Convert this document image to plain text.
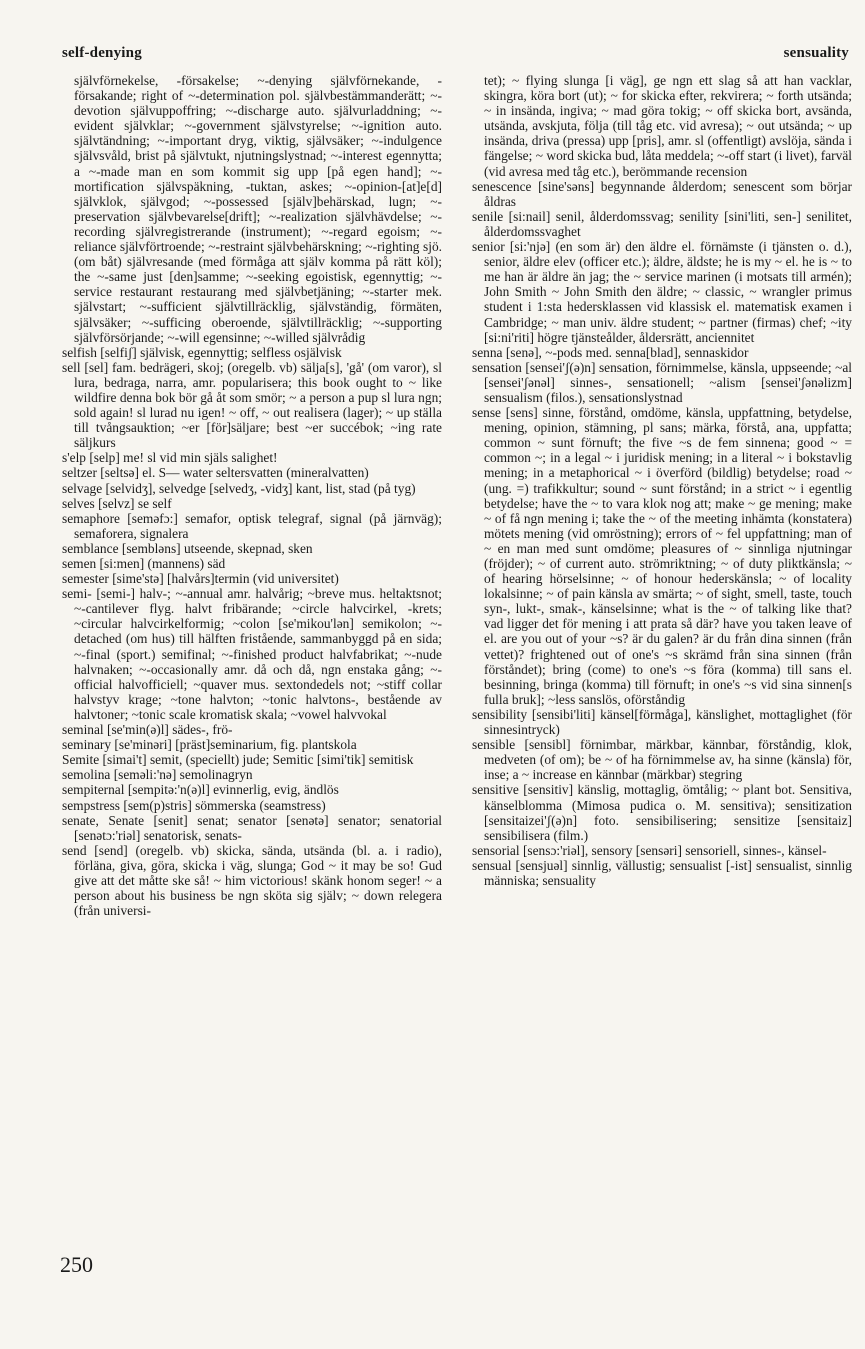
self-denying	sensuality

självförnekelse, -försakelse; ~-denying självförnekande, -försakande; right of ~-determination pol. självbestämmanderätt; ~-devotion självuppoffring; ~-discharge auto. självurladdning; ~-evident självklar; ~-government självstyrelse; ~-ignition auto. självtändning; ~-important dryg, viktig, självsäker; ~-indulgence självsvåld, brist på självtukt, njutningslystnad; ~-interest egennytta; a ~-made man en som kommit sig upp [på egen hand]; ~-mortification självspäkning, -tuktan, askes; ~-opinion-[at]e[d] självklok, självgod; ~-possessed [själv]behärskad, lugn; ~-preservation självbevarelse[drift]; ~-realization självhävdelse; ~-recording självregistrerande (instrument); ~-regard egoism; ~-reliance självförtroende; ~-restraint självbehärskning; ~-righting sjö. (om båt) självresande (med förmåga att själv komma på rätt köl); the ~-same just [den]samme; ~-seeking egoistisk, egennyttig; ~-service restaurant restaurang med självbetjäning; ~-starter mek. självstart; ~-sufficient självtillräcklig, självständig, förmäten, självsäker; ~-sufficing oberoende, självtillräcklig; ~-supporting självförsörjande; ~-will egensinne; ~-willed självrådig

selfish [selfiʃ] självisk, egennyttig; selfless osjälvisk

sell [sel] fam. bedrägeri, skoj; (oregelb. vb) sälja[s], 'gå' (om varor), sl lura, bedraga, narra, amr. popularisera; this book ought to ~ like wildfire denna bok bör gå åt som smör; ~ a person a pup sl lura ngn; sold again! sl lurad nu igen! ~ off, ~ out realisera (lager); ~ up ställa till tvångsauktion; ~er [för]säljare; best ~er succébok; ~ing rate säljkurs

s'elp [selp] me! sl vid min själs salighet!

seltzer [seltsə] el. S— water seltersvatten (mineralvatten)

selvage [selvidʒ], selvedge [selvedʒ, -vidʒ] kant, list, stad (på tyg)

selves [selvz] se self

semaphore [seməfɔ:] semafor, optisk telegraf, signal (på järnväg); semaforera, signalera

semblance [sembləns] utseende, skepnad, sken

semen [si:men] (mannens) säd

semester [sime'stə] [halvårs]termin (vid universitet)

semi- [semi-] halv-; ~-annual amr. halvårig; ~breve mus. heltaktsnot; ~-cantilever flyg. halvt fribärande; ~circle halvcirkel, -krets; ~circular halvcirkelformig; ~colon [se'mikou'lən] semikolon; ~-detached (om hus) till hälften fristående, sammanbyggd på en sida; ~-final (sport.) semifinal; ~-finished product halvfabrikat; ~-nude halvnaken; ~-occasionally amr. då och då, ngn enstaka gång; ~-official halvofficiell; ~quaver mus. sextondedels not; ~stiff collar halvstyv krage; ~tone halvton; ~tonic halvtons-, bestående av halvtoner; ~tonic scale kromatisk skala; ~vowel halvvokal

seminal [se'min(ə)l] sädes-, frö-

seminary [se'minəri] [präst]seminarium, fig. plantskola

Semite [simai't] semit, (speciellt) jude; Semitic [simi'tik] semitisk

semolina [seməli:'nə] semolinagryn

sempiternal [sempitə:'n(ə)l] evinnerlig, evig, ändlös

sempstress [sem(p)stris] sömmerska (seamstress)

senate, Senate [senit] senat; senator [senətə] senator; senatorial [senətɔ:'riəl] senatorisk, senats-

send [send] (oregelb. vb) skicka, sända, utsända (bl. a. i radio), förläna, giva, göra, skicka i väg, slunga; God ~ it may be so! Gud give att det måtte ske så! ~ him victorious! skänk honom seger! ~ a person about his business be ngn sköta sig själv; ~ down relegera (från universi-

tet); ~ flying slunga [i väg], ge ngn ett slag så att han vacklar, skingra, köra bort (ut); ~ for skicka efter, rekvirera; ~ forth utsända; ~ in insända, ingiva; ~ mad göra tokig; ~ off skicka bort, avsända, utsända, avskjuta, följa (till tåg etc. vid avresa); ~ out utsända; ~ up insända, driva (pressa) upp [pris], amr. sl (offentligt) avslöja, sända i fängelse; ~ word skicka bud, låta meddela; ~-off start (i livet), farväl (vid avresa med tåg etc.), berömmande recension

senescence [sine'səns] begynnande ålderdom; senescent som börjar åldras

senile [si:nail] senil, ålderdomssvag; senility [sini'liti, sen-] senilitet, ålderdomssvaghet

senior [si:'njə] (en som är) den äldre el. förnämste (i tjänsten o. d.), senior, äldre elev (officer etc.); äldre, äldste; he is my ~ el. he is ~ to me han är äldre än jag; the ~ service marinen (i motsats till armén); John Smith ~ John Smith den äldre; ~ classic, ~ wrangler primus student i 1:sta hedersklassen vid klassisk el. matematisk examen i Cambridge; ~ man univ. äldre student; ~ partner (firmas) chef; ~ity [si:ni'riti] högre tjänsteålder, åldersrätt, anciennitet

senna [senə], ~-pods med. senna[blad], sennaskidor

sensation [sensei'ʃ(ə)n] sensation, förnimmelse, känsla, uppseende; ~al [sensei'ʃənəl] sinnes-, sensationell; ~alism [sensei'ʃənəlizm] sensualism (filos.), sensationslystnad

sense [sens] sinne, förstånd, omdöme, känsla, uppfattning, betydelse, mening, opinion, stämning, pl sans; märka, förstå, ana, uppfatta; common ~ sunt förnuft; the five ~s de fem sinnena; good ~ = common ~; in a legal ~ i juridisk mening; in a literal ~ i bokstavlig mening; in a metaphorical ~ i överförd (bildlig) betydelse; road ~ (ung. =) trafikkultur; sound ~ sunt förstånd; in a strict ~ i egentlig betydelse; have the ~ to vara klok nog att; make ~ ge mening; make ~ of få ngn mening i; take the ~ of the meeting inhämta (konstatera) mötets mening (vid omröstning); errors of ~ fel uppfattning; man of ~ en man med sunt omdöme; pleasures of ~ sinnliga njutningar (fröjder); ~ of current auto. strömriktning; ~ of duty pliktkänsla; ~ of hearing hörselsinne; ~ of honour hederskänsla; ~ of locality lokalsinne; ~ of pain känsla av smärta; ~ of sight, smell, taste, touch syn-, lukt-, smak-, känselsinne; what is the ~ of talking like that? vad ligger det för mening i att prata så där? have you taken leave of el. are you out of your ~s? är du galen? är du från dina sinnen (från vettet)? frightened out of one's ~s skrämd från sina sinnen (från förståndet); bring (come) to one's ~s föra (komma) till sans el. besinning, bringa (komma) till förnuft; in one's ~s vid sina sinnen[s fulla bruk]; ~less sanslös, oförståndig

sensibility [sensibi'liti] känsel[förmåga], känslighet, mottaglighet (för sinnesintryck)

sensible [sensibl] förnimbar, märkbar, kännbar, förståndig, klok, medveten (of om); be ~ of ha förnimmelse av, ha sinne (känsla) för, inse; a ~ increase en kännbar (märkbar) stegring

sensitive [sensitiv] känslig, mottaglig, ömtålig; ~ plant bot. Sensitiva, känselblomma (Mimosa pudica o. M. sensitiva); sensitization [sensitaizei'ʃ(ə)n] foto. sensibilisering; sensitize [sensitaiz] sensibilisera (film.)

sensorial [sensɔ:'riəl], sensory [sensəri] sensoriell, sinnes-, känsel-

sensual [sensjuəl] sinnlig, vällustig; sensualist [-ist] sensualist, sinnlig människa; sensuality

250
